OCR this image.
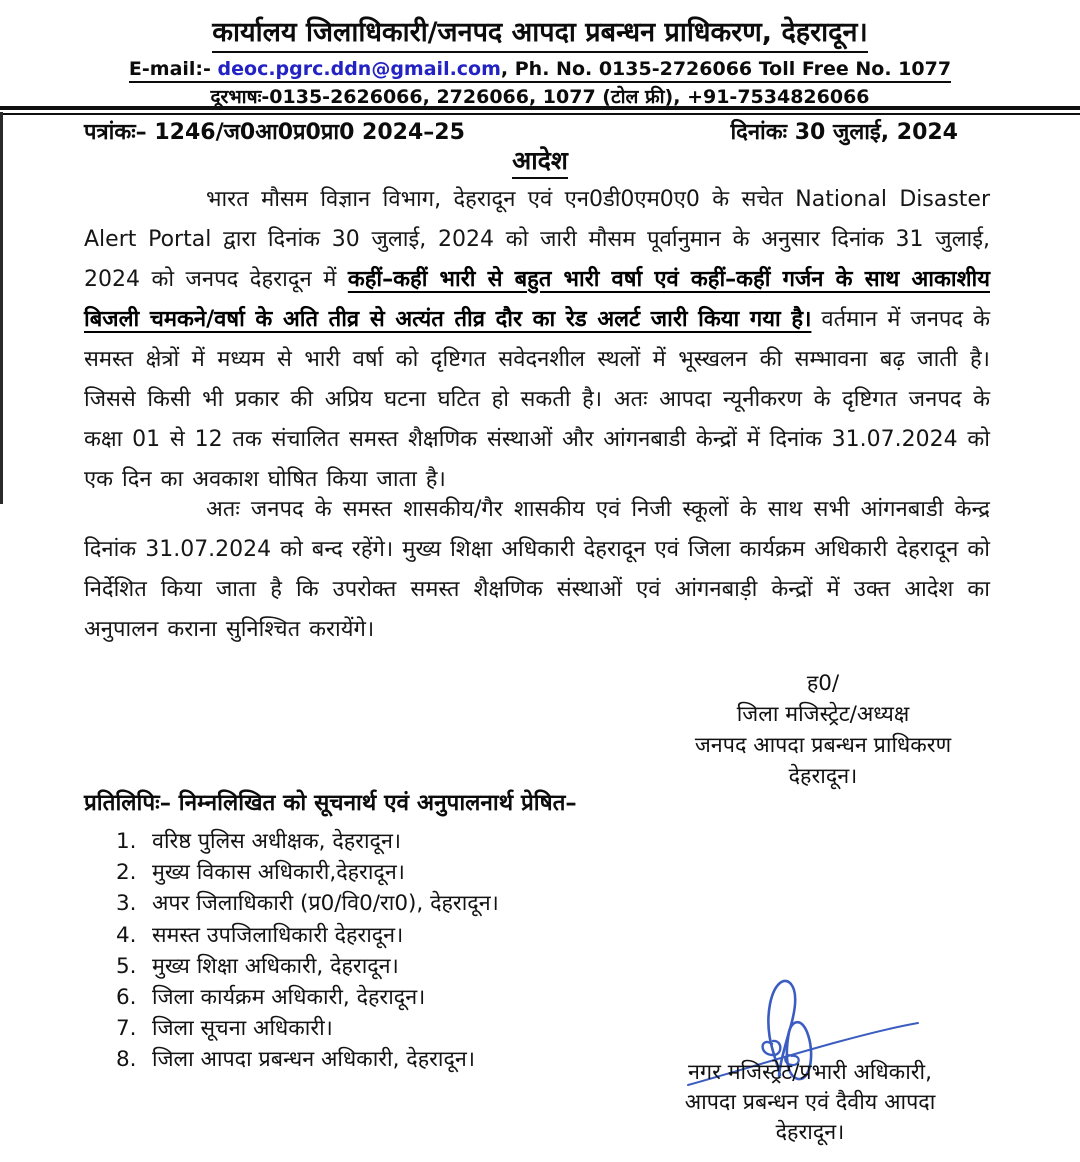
कार्यालय जिलाधिकारी/जनपद आपदा प्रबन्धन प्राधिकरण, देहरादून।
E-mail:- deoc.pgrc.ddn@gmail.com, Ph. No. 0135-2726066 Toll Free No. 1077
दूरभाषः-0135-2626066, 2726066, 1077 (टोल फ्री), +91-7534826066
पत्रांकः– 1246/ज0आ0प्र0प्रा0 2024–25	दिनांकः 30 जुलाई, 2024
आदेश
भारत मौसम विज्ञान विभाग, देहरादून एवं एन0डी0एम0ए0 के सचेत National Disaster Alert Portal द्वारा दिनांक 30 जुलाई, 2024 को जारी मौसम पूर्वानुमान के अनुसार दिनांक 31 जुलाई, 2024 को जनपद देहरादून में कहीं–कहीं भारी से बहुत भारी वर्षा एवं कहीं–कहीं गर्जन के साथ आकाशीय बिजली चमकने/वर्षा के अति तीव्र से अत्यंत तीव्र दौर का रेड अलर्ट जारी किया गया है। वर्तमान में जनपद के समस्त क्षेत्रों में मध्यम से भारी वर्षा को दृष्टिगत सवेदनशील स्थलों में भूस्खलन की सम्भावना बढ़ जाती है। जिससे किसी भी प्रकार की अप्रिय घटना घटित हो सकती है। अतः आपदा न्यूनीकरण के दृष्टिगत जनपद के कक्षा 01 से 12 तक संचालित समस्त शैक्षणिक संस्थाओं और आंगनबाडी केन्द्रों में दिनांक 31.07.2024 को एक दिन का अवकाश घोषित किया जाता है।
अतः जनपद के समस्त शासकीय/गैर शासकीय एवं निजी स्कूलों के साथ सभी आंगनबाडी केन्द्र दिनांक 31.07.2024 को बन्द रहेंगे। मुख्य शिक्षा अधिकारी देहरादून एवं जिला कार्यक्रम अधिकारी देहरादून को निर्देशित किया जाता है कि उपरोक्त समस्त शैक्षणिक संस्थाओं एवं आंगनबाड़ी केन्द्रों में उक्त आदेश का अनुपालन कराना सुनिश्चित करायेंगे।
ह0/
जिला मजिस्ट्रेट/अध्यक्ष
जनपद आपदा प्रबन्धन प्राधिकरण
देहरादून।
प्रतिलिपिः– निम्नलिखित को सूचनार्थ एवं अनुपालनार्थ प्रेषित–
1. वरिष्ठ पुलिस अधीक्षक, देहरादून।
2. मुख्य विकास अधिकारी,देहरादून।
3. अपर जिलाधिकारी (प्र0/वि0/रा0), देहरादून।
4. समस्त उपजिलाधिकारी देहरादून।
5. मुख्य शिक्षा अधिकारी, देहरादून।
6. जिला कार्यक्रम अधिकारी, देहरादून।
7. जिला सूचना अधिकारी।
8. जिला आपदा प्रबन्धन अधिकारी, देहरादून।
नगर मजिस्ट्रेट/प्रभारी अधिकारी,
आपदा प्रबन्धन एवं दैवीय आपदा
देहरादून।
